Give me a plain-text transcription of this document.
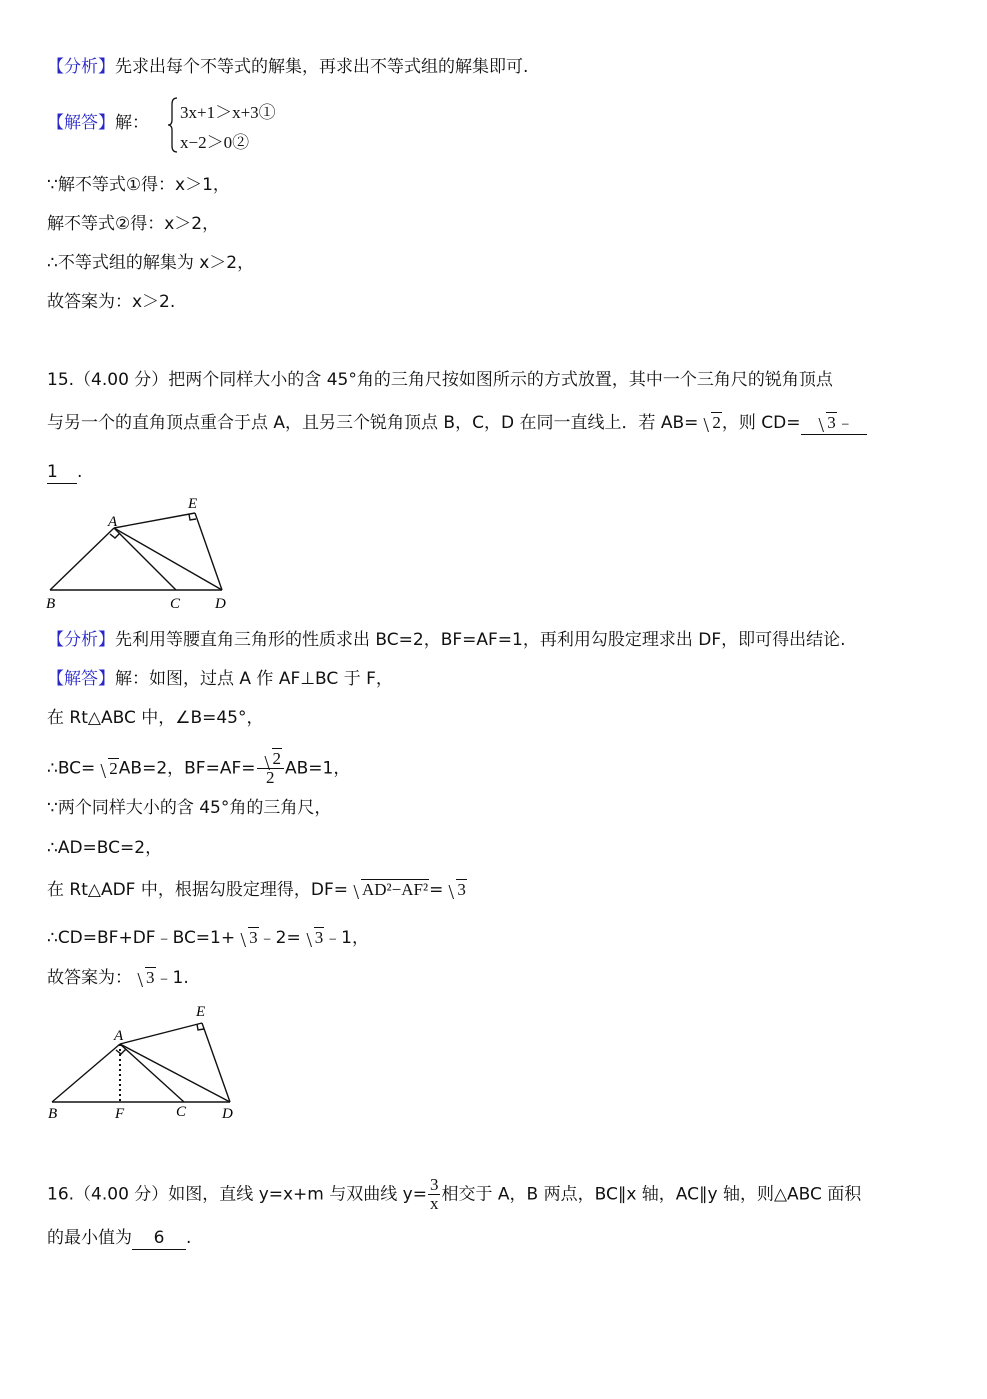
【分析】先求出每个不等式的解集，再求出不等式组的解集即可.
【解答】解：
3x+1＞x+3①
x−2＞0②
∵解不等式①得：x＞1，
解不等式②得：x＞2，
∴不等式组的解集为 x＞2，
故答案为：x＞2.
15.（4.00 分）把两个同样大小的含 45°角的三角尺按如图所示的方式放置，其中一个三角尺的锐角顶点
与另一个的直角顶点重合于点 A，且另三个锐角顶点 B，C，D 在同一直线上．若 AB= 2，则 CD= 3﹣
1 .
A
B	C D
E
【分析】先利用等腰直角三角形的性质求出 BC=2，BF=AF=1，再利用勾股定理求出 DF，即可得出结论.
【解答】解：如图，过点 A 作 AF⊥BC 于 F，
在 Rt△ABC 中，∠B=45°，
∴BC= 2AB=2，$BF=AF= \frac{2}{2} AB=1$，
∵两个同样大小的含 45°角的三角尺，
∴AD=BC=2，
在 Rt△ADF 中，根据勾股定理得，DF= AD²−AF²= 3
∴CD=BF+DF﹣BC=1+ 3﹣2= 3﹣1，
故答案为： 3﹣1.
A
B	F	C D
E
16.（4.00 分）如图，直线 y=x+m 与双曲线 $y= \frac{3}{x}$ 相交于 A，B 两点，BC∥x 轴，AC∥y 轴，则△ABC 面积
的最小值为 6 .
